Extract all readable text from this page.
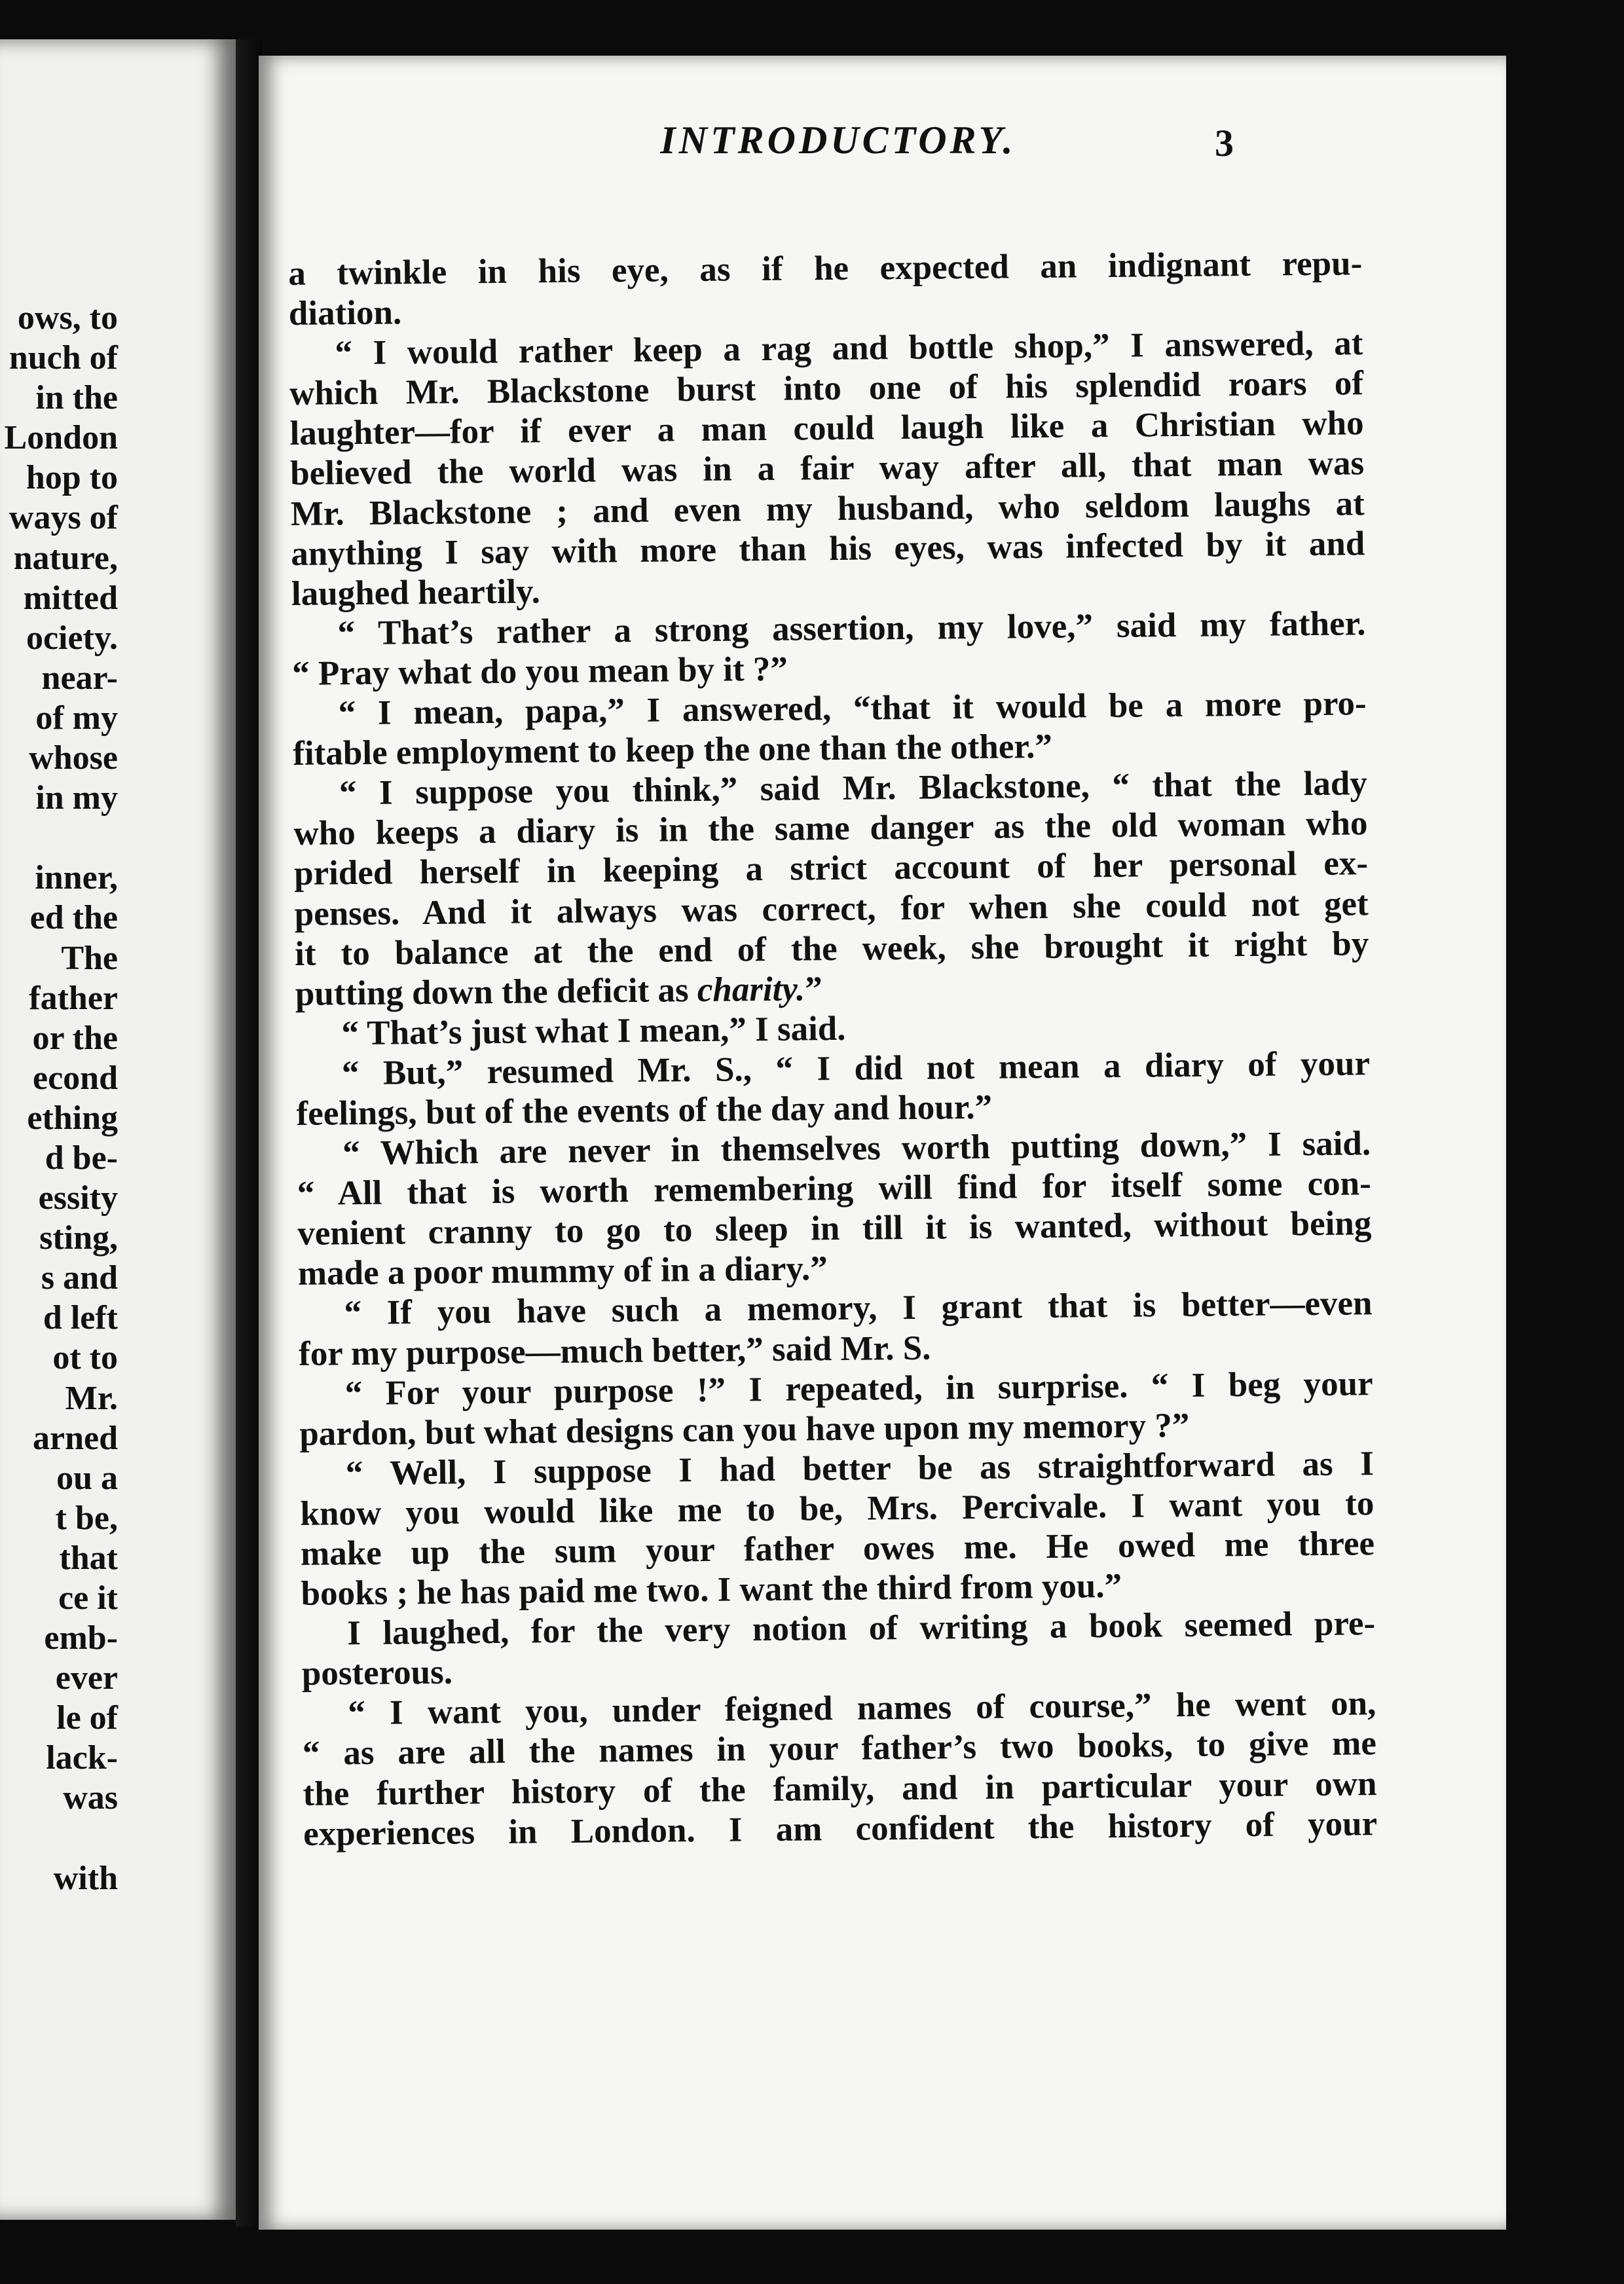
ows, to
nuch of
in the
London
hop to
ways of
nature,
mitted
ociety.
near-
of my
whose
in my
inner,
ed the
The
father
or the
econd
ething
d be-
essity
sting,
s and
d left
ot to
Mr.
arned
ou a
t be,
that
ce it
emb-
ever
le of
lack-
was
with
INTRODUCTORY.	3
a twinkle in his eye, as if he expected an indignant repu-
diation.
“ I would rather keep a rag and bottle shop,” I answered, at
which Mr. Blackstone burst into one of his splendid roars of
laughter—for if ever a man could laugh like a Christian who
believed the world was in a fair way after all, that man was
Mr. Blackstone ; and even my husband, who seldom laughs at
anything I say with more than his eyes, was infected by it and
laughed heartily.
“ That’s rather a strong assertion, my love,” said my father.
“ Pray what do you mean by it ?”
“ I mean, papa,” I answered, “that it would be a more pro-
fitable employment to keep the one than the other.”
“ I suppose you think,” said Mr. Blackstone, “ that the lady
who keeps a diary is in the same danger as the old woman who
prided herself in keeping a strict account of her personal ex-
penses. And it always was correct, for when she could not get
it to balance at the end of the week, she brought it right by
putting down the deficit as charity.”
“ That’s just what I mean,” I said.
“ But,” resumed Mr. S., “ I did not mean a diary of your
feelings, but of the events of the day and hour.”
“ Which are never in themselves worth putting down,” I said.
“ All that is worth remembering will find for itself some con-
venient cranny to go to sleep in till it is wanted, without being
made a poor mummy of in a diary.”
“ If you have such a memory, I grant that is better—even
for my purpose—much better,” said Mr. S.
“ For your purpose !” I repeated, in surprise. “ I beg your
pardon, but what designs can you have upon my memory ?”
“ Well, I suppose I had better be as straightforward as I
know you would like me to be, Mrs. Percivale. I want you to
make up the sum your father owes me. He owed me three
books ; he has paid me two. I want the third from you.”
I laughed, for the very notion of writing a book seemed pre-
posterous.
“ I want you, under feigned names of course,” he went on,
“ as are all the names in your father’s two books, to give me
the further history of the family, and in particular your own
experiences in London. I am confident the history of your
